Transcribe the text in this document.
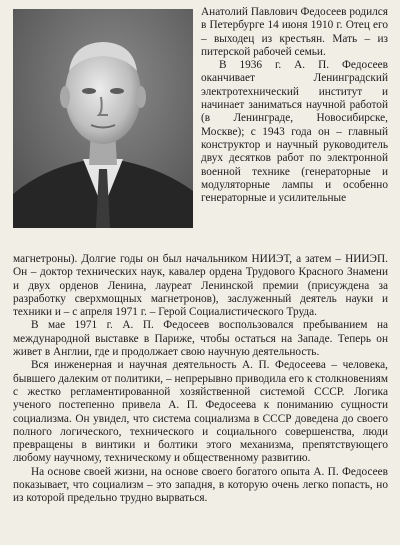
Анатолий Павлович Федосеев родился в Петербурге 14 июня 1910 г. Отец его – выходец из крестьян. Мать – из питерской рабочей семьи.

В 1936 г. А. П. Федосеев оканчивает Ленинградский электротехнический институт и начинает заниматься научной работой (в Ленинграде, Новосибирске, Москве); с 1943 года он – главный конструктор и научный руководитель двух десятков работ по электронной военной технике (генераторные и модуляторные лампы и особенно генераторные и усилительные

магнетроны). Долгие годы он был начальником НИИЭТ, а затем – НИИЭП. Он – доктор технических наук, кавалер ордена Трудового Красного Знамени и двух орденов Ленина, лауреат Ленинской премии (присуждена за разработку сверхмощных магнетронов), заслуженный деятель науки и техники и – с апреля 1971 г. – Герой Социалистического Труда.

В мае 1971 г. А. П. Федосеев воспользовался пребыванием на международной выставке в Париже, чтобы остаться на Западе. Теперь он живет в Англии, где и продолжает свою научную деятельность.

Вся инженерная и научная деятельность А. П. Федосеева – человека, бывшего далеким от политики, – непрерывно приводила его к столкновениям с жестко регламентированной хозяйственной системой СССР. Логика ученого постепенно привела А. П. Федосеева к пониманию сущности социализма. Он увидел, что система социализма в СССР доведена до своего полного логического, технического и социального совершенства, люди превращены в винтики и болтики этого механизма, препятствующего любому научному, техническому и общественному развитию.

На основе своей жизни, на основе своего богатого опыта А. П. Федосеев показывает, что социализм – это западня, в которую очень легко попасть, но из которой предельно трудно вырваться.
